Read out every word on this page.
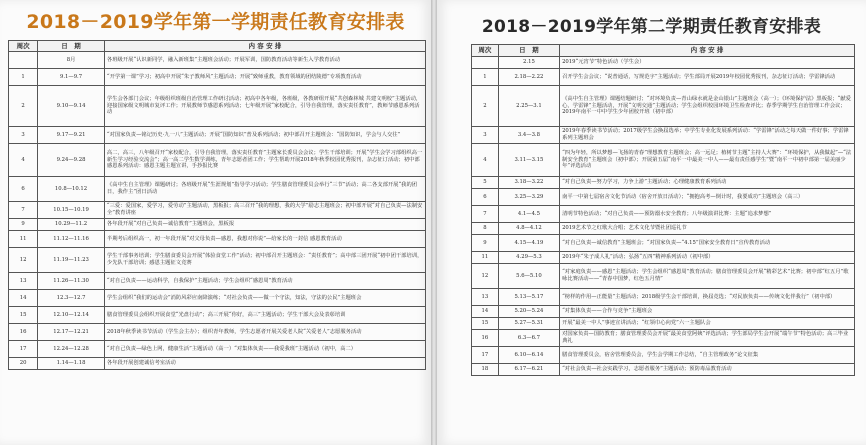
2018－2019学年第一学期责任教育安排表
周次	日　期	内 容 安 排
	8月	各班级开展“认识新同学，融入新班集”主题班会活动；开展军训，国防教育活动等新生入学教育活动
1	9.1—9.7	“开学第一课”学习；初高中开展“朱子教师风”主题活动；开展“致师重教，教育领域的团结陵德”专项教育活动
2	9.10—9.14	学生会各部门会议；年级组织班级自治管理工作研讨活动；初高中各年级，各班级，各教研组开展“共创森林城 共建文明校”主题活动，迎接国家级文明城市复评工作；开展教师节感恩系列活动；七年级开展“家校配合，引导自我管理，落实责任教育”，教师节感恩系列活动
3	9.17—9.21	“对国家负责—铭记历史·九一八”主题活动；开展“国防知识”普及系列活动；初中部召开主题班会：“国防知识，学会与人交往”
4	9.24—9.28	高二，高三，八年级召开“家校配合，引导自我管理，落实责任教育”主题家长委员会会议；学生干部培训；开展“学生会学习部组织高一新生学习经验交流会”；高一高二学生数学训练，青年志愿者团工作；学生帮助开展2018年秋季校园优秀报刊，杂志征订活动；初中部感恩系列活动：感恩主题主题宣讲，手抄报比赛
6	10.8—10.12	《高中生自主管理》课题研讨；各班级开展“生涯规划”指导学习活动；学生膳食管理委员会举行“三节”活动；高二各支部开展“我的团日，我作主”团日活动
7	10.15—10.19	“三爱：爱国家，爱学习，爱劳动”主题活动，黑板报；高三召开“我的理想，我的大学”励志主题班会；初中部开展“对自己负责—法制安全”教育讲座
9	10.29—11.2	各年段开展“对自己负责—诚信教育”主题班会，黑板报
11	11.12—11.16	半期考后组织高一，初一年段开展“对父母负责—感恩，我想对你说”—给家长的一封信 感恩教育活动
12	11.19—11.23	学生干部事务培训；学生膳食委员会开展“体验食堂工作”活动；初中部召开主题班会：“责任教育”；高中部三团开展“初中团干部培训，少先队干部培训；感恩主题征文竞赛
13	11.26—11.30	“对自己负责——运动科学，自我保护”主题活动；学生会组织“感恩周”教育活动
14	12.3—12.7	学生会组织“我们的运动会”消防风彩应南降演练；“对社会负责——做一个守法，知法，守法的公民”主题班会
15	12.10—12.14	膳食管理委员会组织开展食堂“光盘行动”；高三开展“你好，高三”主题活动；学生干部大会及表彰培训
16	12.17—12.21	2018年秋季读书节活动（学生会主办）；组织青年教师，学生志愿者开展关爱老人院“关爱老人”志愿服务活动
17	12.24—12.28	“对自己负责—绿色上网，健康生活”主题活动（高一）“对集体负责——我爱我班”主题活动（初中，高二）
20	1.14—1.18	各年段开展创建诚信考室活动
2018－2019学年第二学期责任教育安排表
周次	日　期	内 容 安 排
	2.15	2019“元宵节”特色活动（学生会）
1	2.18—2.22	召开学生会会议；“说普通话，写规范字”主题活动；学生部局开展2019年校园优秀报刊，杂志征订活动；学雷锋活动
2	2.25—3.1	《高中生自主管理》课题结题研讨；“对环境负责—青山绿水就是金山银山”主题班会（高一）；《环境保护法》黑板报；“献爱心，学雷锋”主题活动，开展“文明交通”主题活动；学生会组织校园环境卫生检查评比；春季学期学生自治管理工作会议；2019年南平一中中学生少年团校开班（初中部）
3	3.4—3.8	2019年春季读书节活动；2017级学生会换届选举；中学生专业化发展系列活动：“学雷锋”活动之每天做一件好事；学雷锋系列主题班会
4	3.11—3.15	“四为年轻，所以梦想—飞扬的青春”理想教育主题班会；高一远足；植树节主题“主持人大赛”：“环境保护，从我做起”—“法制安全教育”主题班会（初中部）；开展第五届“南平一中最美一中人——最有责任感学生”暨“南平一中初中部第一届美丽少年”评选活动
5	3.18—3.22	“对自己负责—努力学习，力争上游”主题活动；心理健康教育系列活动
6	3.25—3.29	南平一中第七届宿舍文化节活动（宿舍开放日活动）；“拥抱高考—倒计时，我要成功”主题班会（高三）
7	4.1—4.5	清明节特色活动；“对自己负责——预防溺水安全教育；八年级演讲比赛：主题“追求梦想”
8	4.8—4.12	2019艺术节之红歌大合唱；艺术文化节暨社团巡礼节
9	4.15—4.19	“对自己负责—诚信教育”主题班会；“对国家负责—“4.15”国家安全教育日”宣传教育活动
11	4.29—5.3	2019年“朱子成人礼”活动；弘扬“五四”精神系列活动（初中部）
12	5.6—5.10	“对家庭负责——感恩”主题活动；学生会组织“感恩周”教育活动；膳食管理委员会开展“精彩艺术”比赛；初中部“红五月”歌咏比赛活动——“青春中国梦，红色五月情”
13	5.13—5.17	“榜样的作用—正能量”主题活动；2018级学生会干部培训，换届竞选；“对民族负责——传统文化伴我行”（初中部）
14	5.20—5.24	“对集体负责——合作与竞争”主题班会
15	5.27—5.31	开展“最美一中人”事迹宣讲活动；“红领巾心向党”六一主题队会
16	6.3—6.7	对国家负责—国防教育；膳食管理委员会开展“最美食堂阿姨”评选活动；学生部局学生会开展“端午节”特色活动；高三毕业典礼
17	6.10—6.14	膳食管理委员会，宿舍管理委员会，学生会学期工作总结，“自主管理政务”论文征集
18	6.17—6.21	“对社会负责—社会实践学习，志愿者服务”主题活动；预防毒品教育活动
